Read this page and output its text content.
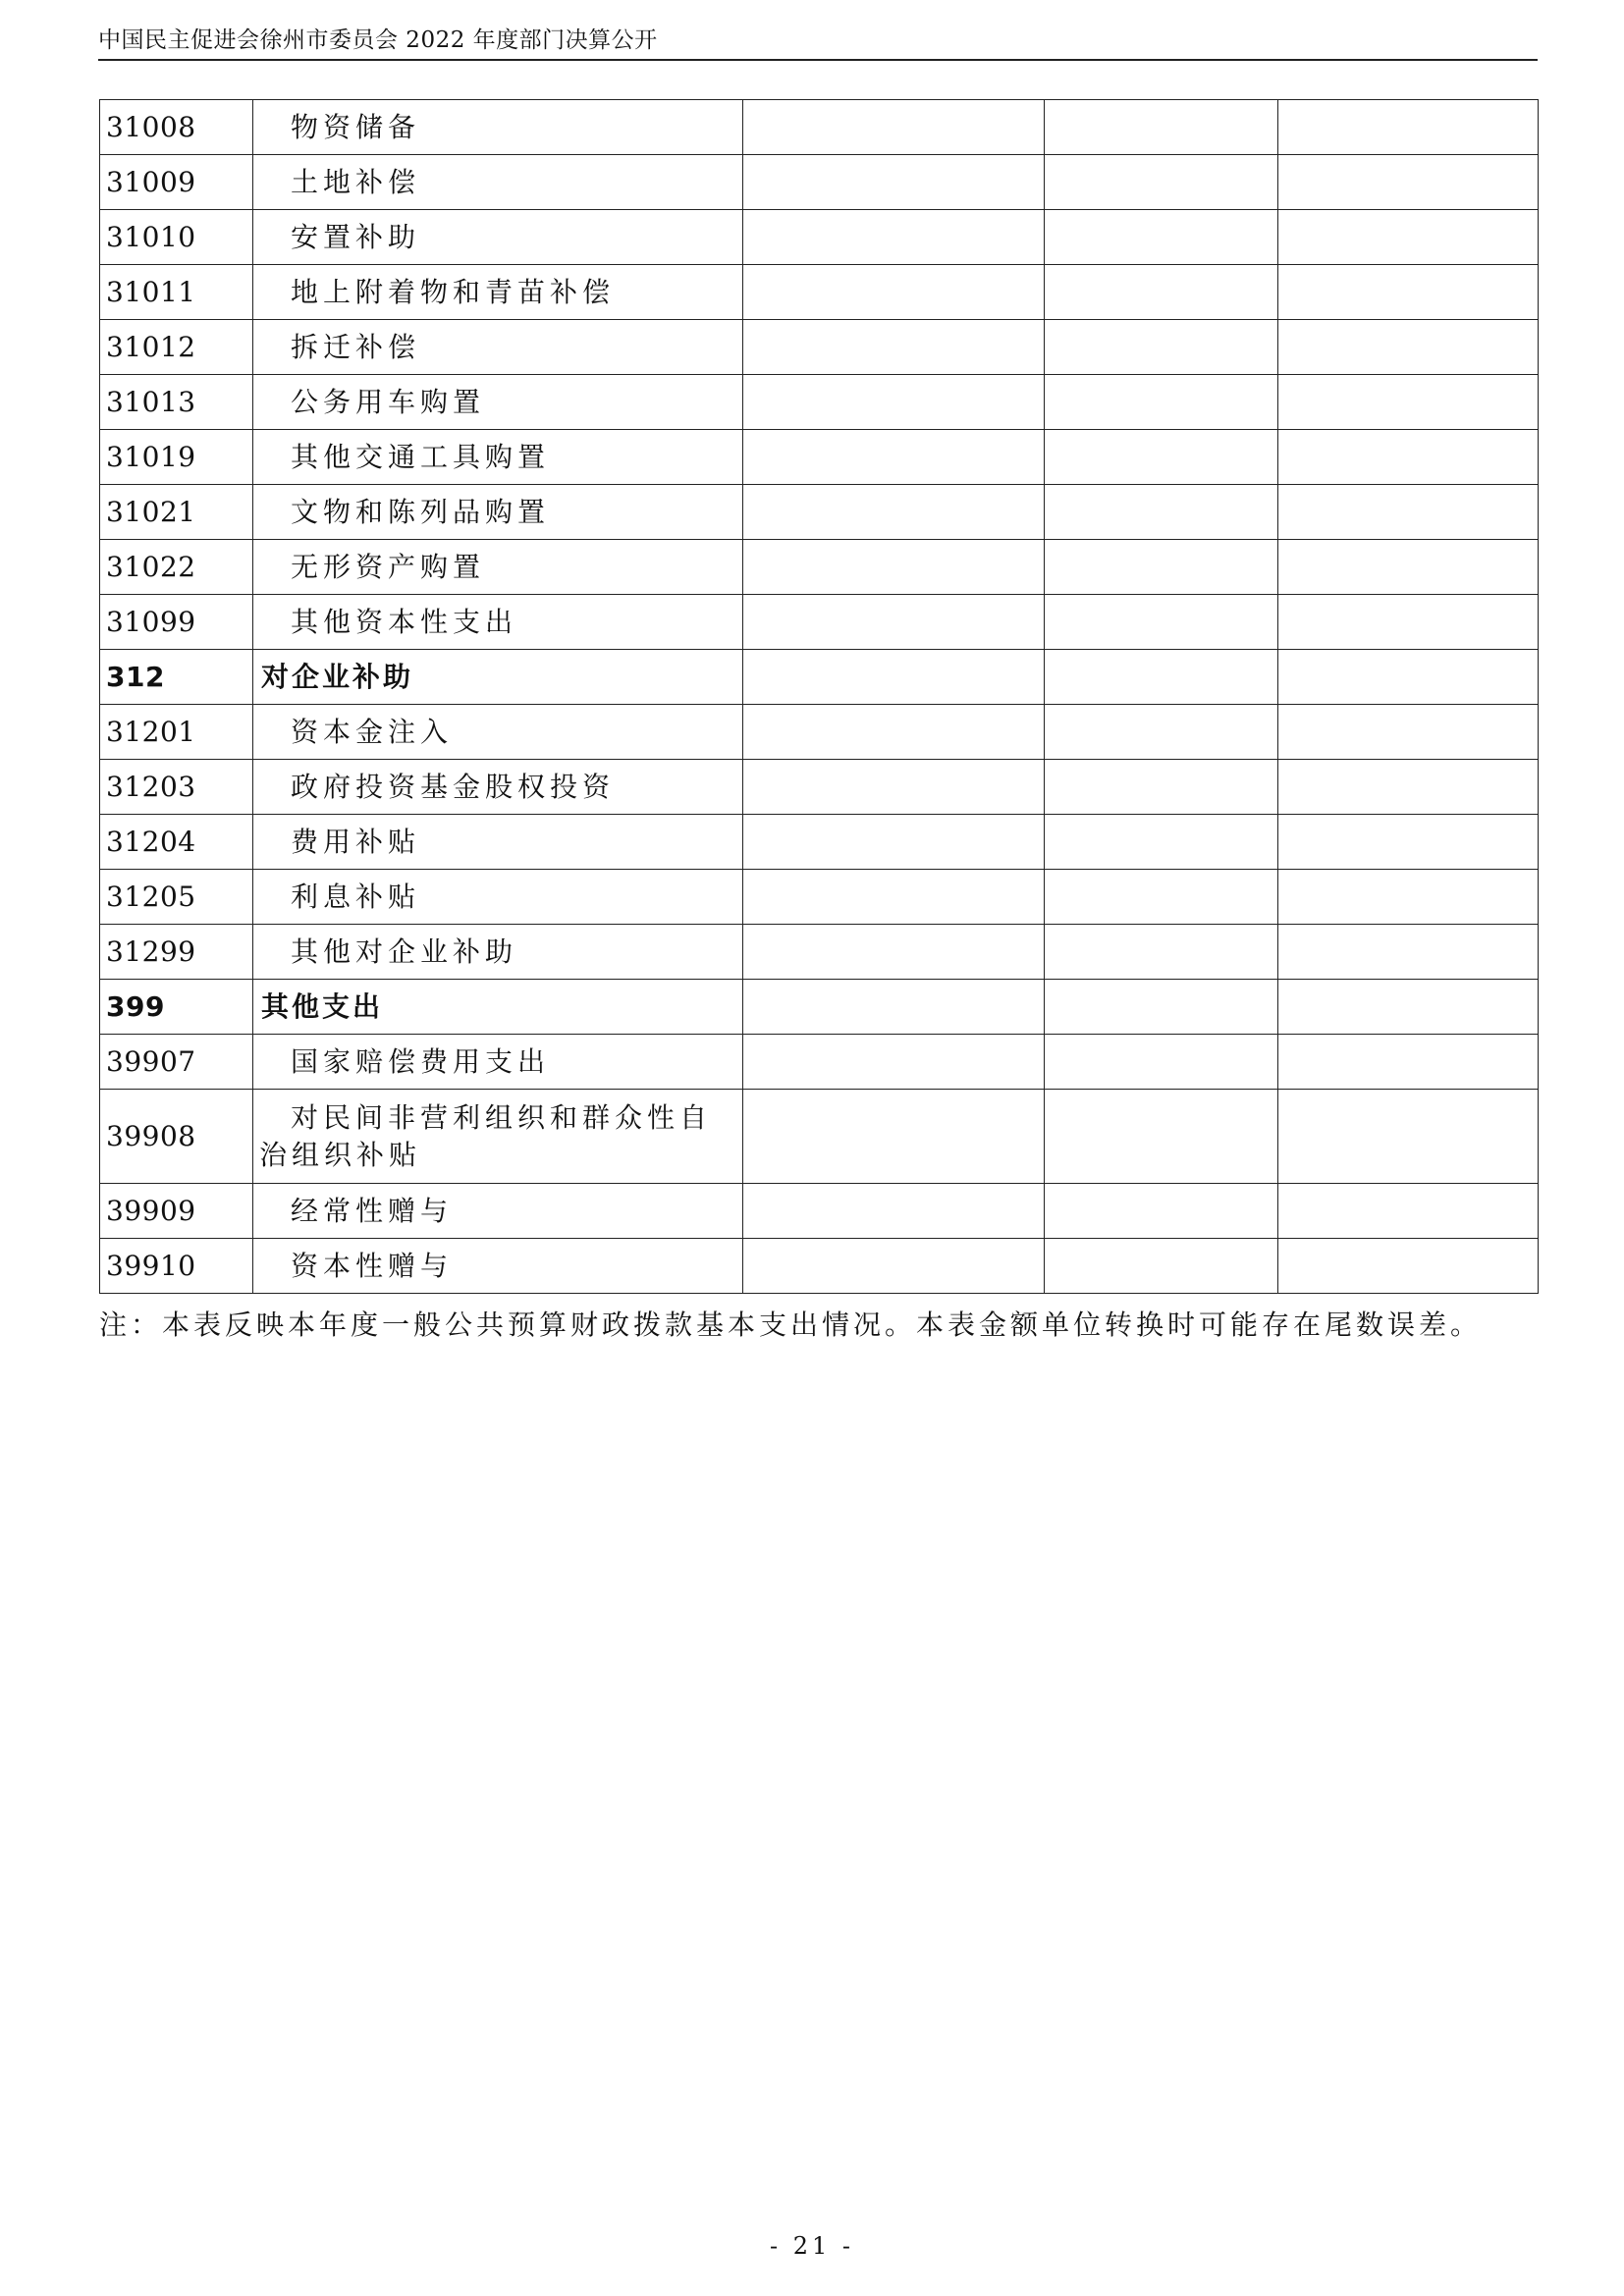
中国民主促进会徐州市委员会 2022 年度部门决算公开
31008	物资储备			
31009	土地补偿			
31010	安置补助			
31011	地上附着物和青苗补偿			
31012	拆迁补偿			
31013	公务用车购置			
31019	其他交通工具购置			
31021	文物和陈列品购置			
31022	无形资产购置			
31099	其他资本性支出			
312	对企业补助			
31201	资本金注入			
31203	政府投资基金股权投资			
31204	费用补贴			
31205	利息补贴			
31299	其他对企业补助			
399	其他支出			
39907	国家赔偿费用支出			
39908	对民间非营利组织和群众性自治组织补贴			
39909	经常性赠与			
39910	资本性赠与			
注：本表反映本年度一般公共预算财政拨款基本支出情况。本表金额单位转换时可能存在尾数误差。
- 21 -
